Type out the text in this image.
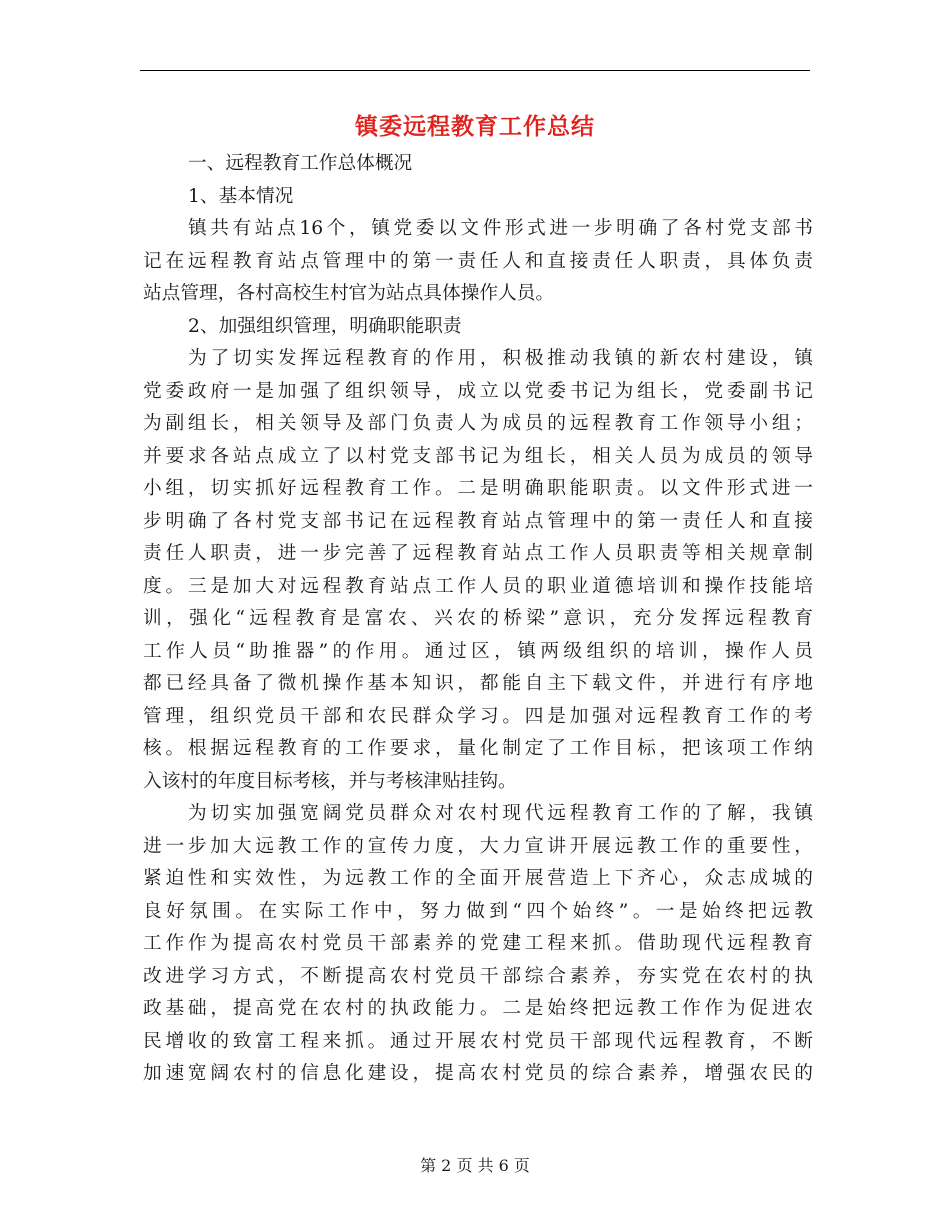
镇委远程教育工作总结
一、远程教育工作总体概况
1、基本情况
镇共有站点16个，镇党委以文件形式进一步明确了各村党支部书
记在远程教育站点管理中的第一责任人和直接责任人职责，具体负责
站点管理，各村高校生村官为站点具体操作人员。
2、加强组织管理，明确职能职责
为了切实发挥远程教育的作用，积极推动我镇的新农村建设，镇
党委政府一是加强了组织领导，成立以党委书记为组长，党委副书记
为副组长，相关领导及部门负责人为成员的远程教育工作领导小组；
并要求各站点成立了以村党支部书记为组长，相关人员为成员的领导
小组，切实抓好远程教育工作。二是明确职能职责。以文件形式进一
步明确了各村党支部书记在远程教育站点管理中的第一责任人和直接
责任人职责，进一步完善了远程教育站点工作人员职责等相关规章制
度。三是加大对远程教育站点工作人员的职业道德培训和操作技能培
训，强化“远程教育是富农、兴农的桥梁”意识，充分发挥远程教育
工作人员“助推器”的作用。通过区，镇两级组织的培训，操作人员
都已经具备了微机操作基本知识，都能自主下载文件，并进行有序地
管理，组织党员干部和农民群众学习。四是加强对远程教育工作的考
核。根据远程教育的工作要求，量化制定了工作目标，把该项工作纳
入该村的年度目标考核，并与考核津贴挂钩。
为切实加强宽阔党员群众对农村现代远程教育工作的了解，我镇
进一步加大远教工作的宣传力度，大力宣讲开展远教工作的重要性，
紧迫性和实效性，为远教工作的全面开展营造上下齐心，众志成城的
良好氛围。在实际工作中，努力做到“四个始终”。一是始终把远教
工作作为提高农村党员干部素养的党建工程来抓。借助现代远程教育
改进学习方式，不断提高农村党员干部综合素养，夯实党在农村的执
政基础，提高党在农村的执政能力。二是始终把远教工作作为促进农
民增收的致富工程来抓。通过开展农村党员干部现代远程教育，不断
加速宽阔农村的信息化建设，提高农村党员的综合素养，增强农民的
第 2 页 共 6 页
